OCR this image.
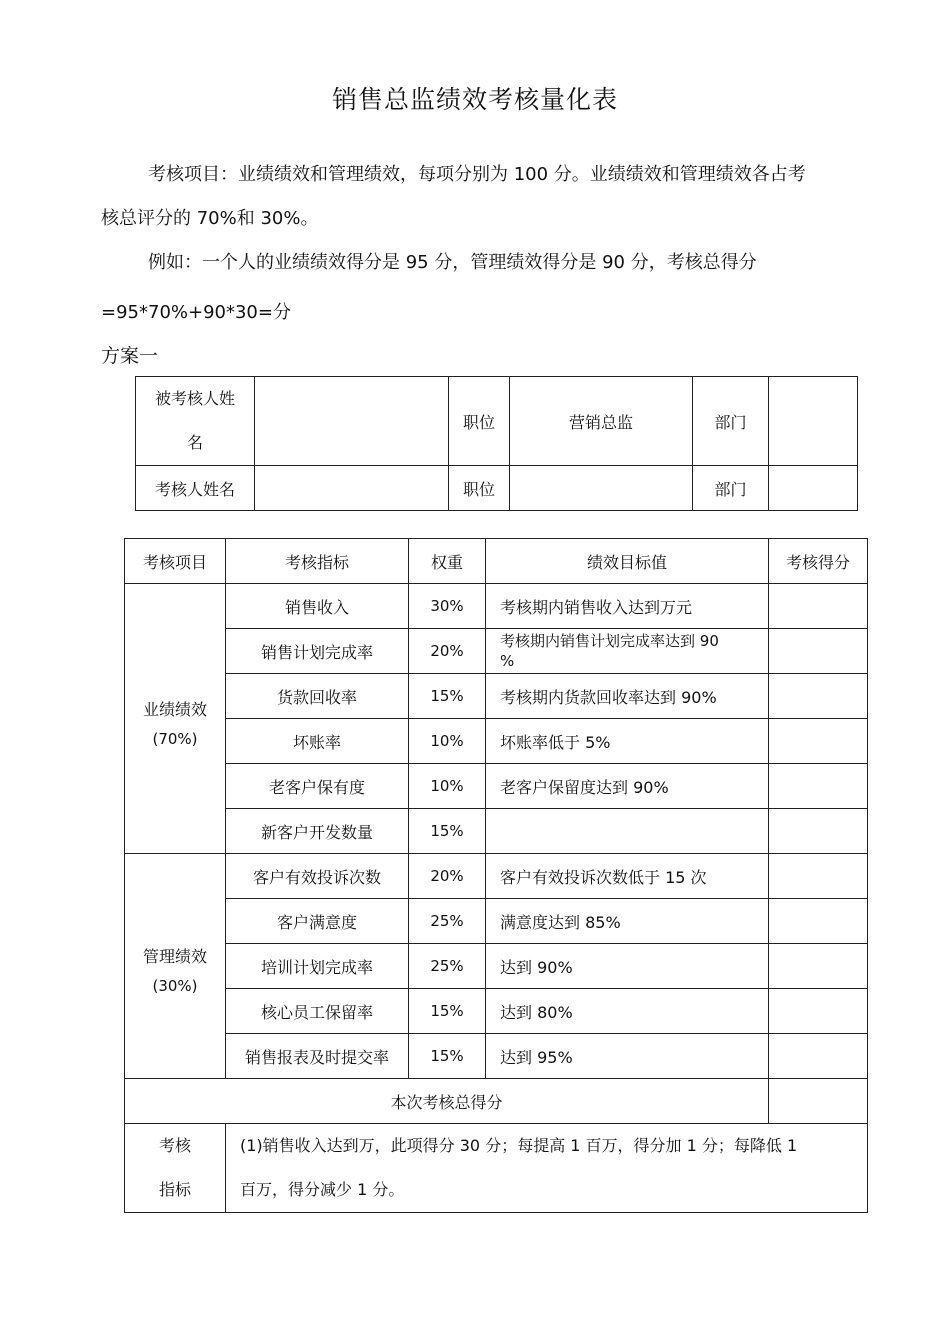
销售总监绩效考核量化表
考核项目：业绩绩效和管理绩效，每项分别为 100 分。业绩绩效和管理绩效各占考
核总评分的 70%和 30%。
例如：一个人的业绩绩效得分是 95 分，管理绩效得分是 90 分，考核总得分
=95*70%+90*30=分
方案一
被考核人姓
名		职位	营销总监	部门	
考核人姓名		职位		部门	
考核项目	考核指标	权重	绩效目标值	考核得分

业绩绩效
(70%)	销售收入	30%	考核期内销售收入达到万元	
	销售计划完成率	20%	考核期内销售计划完成率达到 90
%	
	货款回收率	15%	考核期内货款回收率达到 90%	
	坏账率	10%	坏账率低于 5%	
	老客户保有度	10%	老客户保留度达到 90%	
	新客户开发数量	15%		

管理绩效
(30%)	客户有效投诉次数	20%	客户有效投诉次数低于 15 次	
	客户满意度	25%	满意度达到 85%	
	培训计划完成率	25%	达到 90%	
	核心员工保留率	15%	达到 80%	
	销售报表及时提交率	15%	达到 95%	
本次考核总得分				
考核
指标	(1)销售收入达到万，此项得分 30 分；每提高 1 百万，得分加 1 分；每降低 1
百万，得分减少 1 分。			
